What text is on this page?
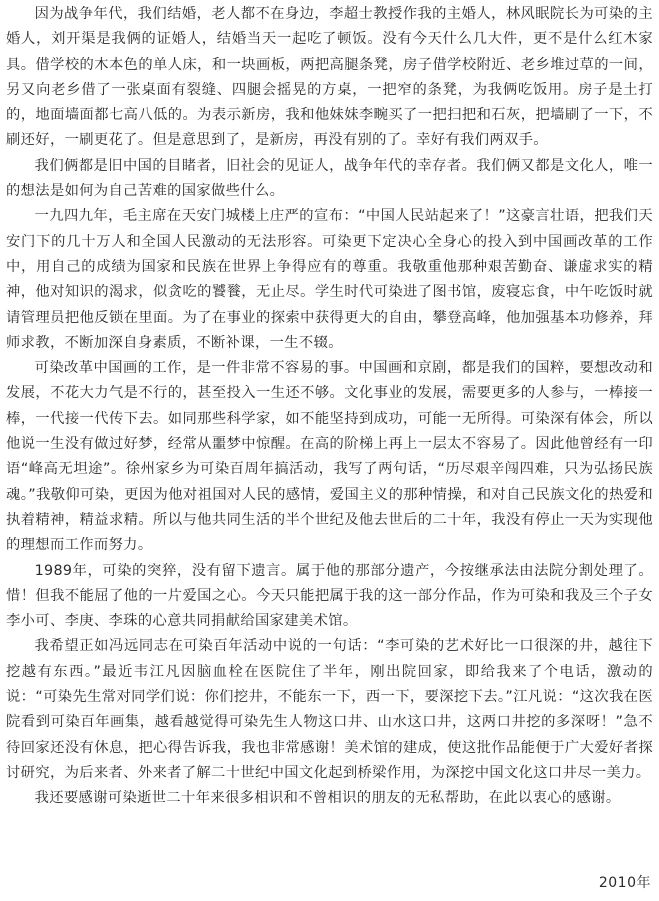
因为战争年代，我们结婚，老人都不在身边，李超士教授作我的主婚人，林风眠院长为可染的主婚人，刘开渠是我俩的证婚人，结婚当天一起吃了顿饭。没有今天什么几大件，更不是什么红木家具。借学校的木本色的单人床，和一块画板，两把高腿条凳，房子借学校附近、老乡堆过草的一间，另又向老乡借了一张桌面有裂缝、四腿会摇晃的方桌，一把窄的条凳，为我俩吃饭用。房子是土打的，地面墙面都七高八低的。为表示新房，我和他妹妹李畹买了一把扫把和石灰，把墙刷了一下，不刷还好，一刷更花了。但是意思到了，是新房，再没有别的了。幸好有我们两双手。

我们俩都是旧中国的目睹者，旧社会的见证人，战争年代的幸存者。我们俩又都是文化人，唯一的想法是如何为自己苦难的国家做些什么。

一九四九年，毛主席在天安门城楼上庄严的宣布：“中国人民站起来了！”这豪言壮语，把我们天安门下的几十万人和全国人民激动的无法形容。可染更下定决心全身心的投入到中国画改革的工作中，用自己的成绩为国家和民族在世界上争得应有的尊重。我敬重他那种艰苦勤奋、谦虚求实的精神，他对知识的渴求，似贪吃的饕餮，无止尽。学生时代可染进了图书馆，废寝忘食，中午吃饭时就请管理员把他反锁在里面。为了在事业的探索中获得更大的自由，攀登高峰，他加强基本功修养，拜师求教，不断加深自身素质，不断补课，一生不辍。

可染改革中国画的工作，是一件非常不容易的事。中国画和京剧，都是我们的国粹，要想改动和发展，不花大力气是不行的，甚至投入一生还不够。文化事业的发展，需要更多的人参与，一棒接一棒，一代接一代传下去。如同那些科学家，如不能坚持到成功，可能一无所得。可染深有体会，所以他说一生没有做过好梦，经常从噩梦中惊醒。在高的阶梯上再上一层太不容易了。因此他曾经有一印语“峰高无坦途”。徐州家乡为可染百周年搞活动，我写了两句话，“历尽艰辛闯四难，只为弘扬民族魂。”我敬仰可染，更因为他对祖国对人民的感情，爱国主义的那种情操，和对自己民族文化的热爱和执着精神，精益求精。所以与他共同生活的半个世纪及他去世后的二十年，我没有停止一天为实现他的理想而工作而努力。

1989年，可染的突猝，没有留下遗言。属于他的那部分遗产，今按继承法由法院分割处理了。惜！但我不能屈了他的一片爱国之心。今天只能把属于我的这一部分作品，作为可染和我及三个子女李小可、李庚、李珠的心意共同捐献给国家建美术馆。

我希望正如冯远同志在可染百年活动中说的一句话：“李可染的艺术好比一口很深的井，越往下挖越有东西。”最近韦江凡因脑血栓在医院住了半年，刚出院回家，即给我来了个电话，激动的说：“可染先生常对同学们说：你们挖井，不能东一下，西一下，要深挖下去。”江凡说：“这次我在医院看到可染百年画集，越看越觉得可染先生人物这口井、山水这口井，这两口井挖的多深呀！”急不待回家还没有休息，把心得告诉我，我也非常感谢！美术馆的建成，使这批作品能便于广大爱好者探讨研究，为后来者、外来者了解二十世纪中国文化起到桥梁作用，为深挖中国文化这口井尽一美力。

我还要感谢可染逝世二十年来很多相识和不曾相识的朋友的无私帮助，在此以衷心的感谢。

2010年
